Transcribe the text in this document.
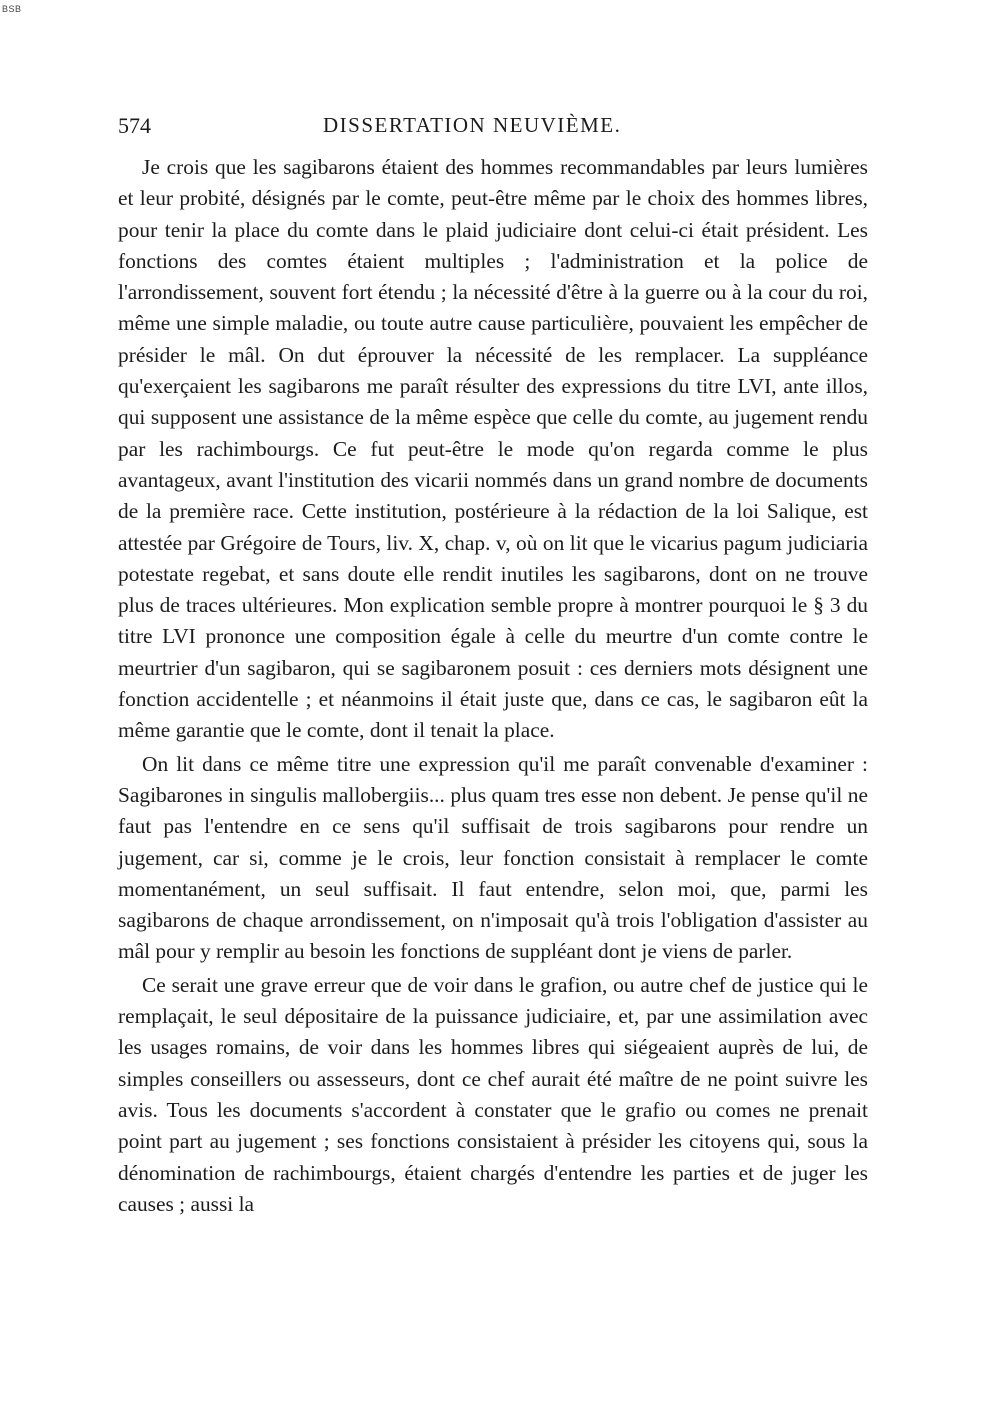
BSB
574	DISSERTATION NEUVIÈME.

Je crois que les sagibarons étaient des hommes recommandables par leurs lumières et leur probité, désignés par le comte, peut-être même par le choix des hommes libres, pour tenir la place du comte dans le plaid judiciaire dont celui-ci était président. Les fonctions des comtes étaient multiples ; l'administration et la police de l'arrondissement, souvent fort étendu ; la nécessité d'être à la guerre ou à la cour du roi, même une simple maladie, ou toute autre cause particulière, pouvaient les empêcher de présider le mâl. On dut éprouver la nécessité de les remplacer. La suppléance qu'exerçaient les sagibarons me paraît résulter des expressions du titre LVI, ante illos, qui supposent une assistance de la même espèce que celle du comte, au jugement rendu par les rachimbourgs. Ce fut peut-être le mode qu'on regarda comme le plus avantageux, avant l'institution des vicarii nommés dans un grand nombre de documents de la première race. Cette institution, postérieure à la rédaction de la loi Salique, est attestée par Grégoire de Tours, liv. X, chap. v, où on lit que le vicarius pagum judiciaria potestate regebat, et sans doute elle rendit inutiles les sagibarons, dont on ne trouve plus de traces ultérieures. Mon explication semble propre à montrer pourquoi le § 3 du titre LVI prononce une composition égale à celle du meurtre d'un comte contre le meurtrier d'un sagibaron, qui se sagibaronem posuit : ces derniers mots désignent une fonction accidentelle ; et néanmoins il était juste que, dans ce cas, le sagibaron eût la même garantie que le comte, dont il tenait la place.

On lit dans ce même titre une expression qu'il me paraît convenable d'examiner : Sagibarones in singulis mallobergiis... plus quam tres esse non debent. Je pense qu'il ne faut pas l'entendre en ce sens qu'il suffisait de trois sagibarons pour rendre un jugement, car si, comme je le crois, leur fonction consistait à remplacer le comte momentanément, un seul suffisait. Il faut entendre, selon moi, que, parmi les sagibarons de chaque arrondissement, on n'imposait qu'à trois l'obligation d'assister au mâl pour y remplir au besoin les fonctions de suppléant dont je viens de parler.

Ce serait une grave erreur que de voir dans le grafion, ou autre chef de justice qui le remplaçait, le seul dépositaire de la puissance judiciaire, et, par une assimilation avec les usages romains, de voir dans les hommes libres qui siégeaient auprès de lui, de simples conseillers ou assesseurs, dont ce chef aurait été maître de ne point suivre les avis. Tous les documents s'accordent à constater que le grafio ou comes ne prenait point part au jugement ; ses fonctions consistaient à présider les citoyens qui, sous la dénomination de rachimbourgs, étaient chargés d'entendre les parties et de juger les causes ; aussi la
